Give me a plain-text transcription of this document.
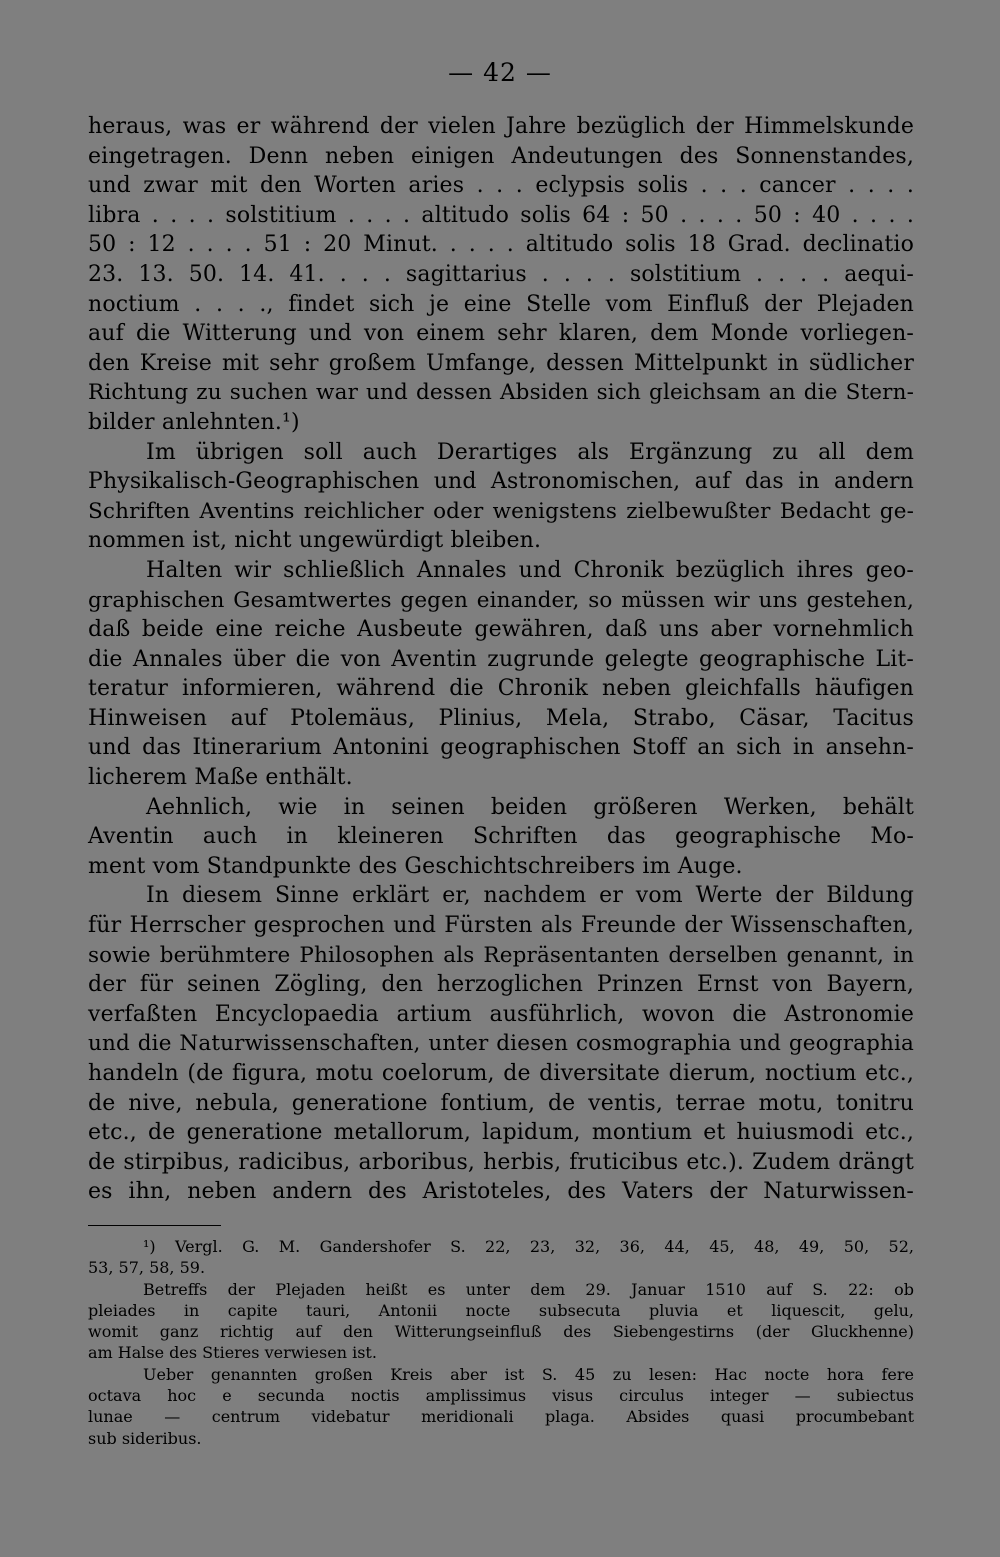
— 42 —
heraus, was er während der vielen Jahre bezüglich der Himmelskunde
eingetragen. Denn neben einigen Andeutungen des Sonnenstandes,
und zwar mit den Worten aries . . . eclypsis solis . . . cancer . . . .
libra . . . . solstitium . . . . altitudo solis 64 : 50 . . . . 50 : 40 . . . .
50 : 12 . . . . 51 : 20 Minut. . . . . altitudo solis 18 Grad. declinatio
23. 13. 50. 14. 41. . . . sagittarius . . . . solstitium . . . . aequi-
noctium . . . ., findet sich je eine Stelle vom Einfluß der Plejaden
auf die Witterung und von einem sehr klaren, dem Monde vorliegen-
den Kreise mit sehr großem Umfange, dessen Mittelpunkt in südlicher
Richtung zu suchen war und dessen Absiden sich gleichsam an die Stern-
bilder anlehnten.¹)
Im übrigen soll auch Derartiges als Ergänzung zu all dem
Physikalisch-Geographischen und Astronomischen, auf das in andern
Schriften Aventins reichlicher oder wenigstens zielbewußter Bedacht ge-
nommen ist, nicht ungewürdigt bleiben.
Halten wir schließlich Annales und Chronik bezüglich ihres geo-
graphischen Gesamtwertes gegen einander, so müssen wir uns gestehen,
daß beide eine reiche Ausbeute gewähren, daß uns aber vornehmlich
die Annales über die von Aventin zugrunde gelegte geographische Lit-
teratur informieren, während die Chronik neben gleichfalls häufigen
Hinweisen auf Ptolemäus, Plinius, Mela, Strabo, Cäsar, Tacitus
und das Itinerarium Antonini geographischen Stoff an sich in ansehn-
licherem Maße enthält.
Aehnlich, wie in seinen beiden größeren Werken, behält
Aventin auch in kleineren Schriften das geographische Mo-
ment vom Standpunkte des Geschichtschreibers im Auge.
In diesem Sinne erklärt er, nachdem er vom Werte der Bildung
für Herrscher gesprochen und Fürsten als Freunde der Wissenschaften,
sowie berühmtere Philosophen als Repräsentanten derselben genannt, in
der für seinen Zögling, den herzoglichen Prinzen Ernst von Bayern,
verfaßten Encyclopaedia artium ausführlich, wovon die Astronomie
und die Naturwissenschaften, unter diesen cosmographia und geographia
handeln (de figura, motu coelorum, de diversitate dierum, noctium etc.,
de nive, nebula, generatione fontium, de ventis, terrae motu, tonitru
etc., de generatione metallorum, lapidum, montium et huiusmodi etc.,
de stirpibus, radicibus, arboribus, herbis, fruticibus etc.). Zudem drängt
es ihn, neben andern des Aristoteles, des Vaters der Naturwissen-
¹) Vergl. G. M. Gandershofer S. 22, 23, 32, 36, 44, 45, 48, 49, 50, 52,
53, 57, 58, 59.
Betreffs der Plejaden heißt es unter dem 29. Januar 1510 auf S. 22: ob
pleiades in capite tauri, Antonii nocte subsecuta pluvia et liquescit, gelu,
womit ganz richtig auf den Witterungseinfluß des Siebengestirns (der Gluckhenne)
am Halse des Stieres verwiesen ist.
Ueber genannten großen Kreis aber ist S. 45 zu lesen: Hac nocte hora fere
octava hoc e secunda noctis amplissimus visus circulus integer — subiectus
lunae — centrum videbatur meridionali plaga. Absides quasi procumbebant
sub sideribus.
